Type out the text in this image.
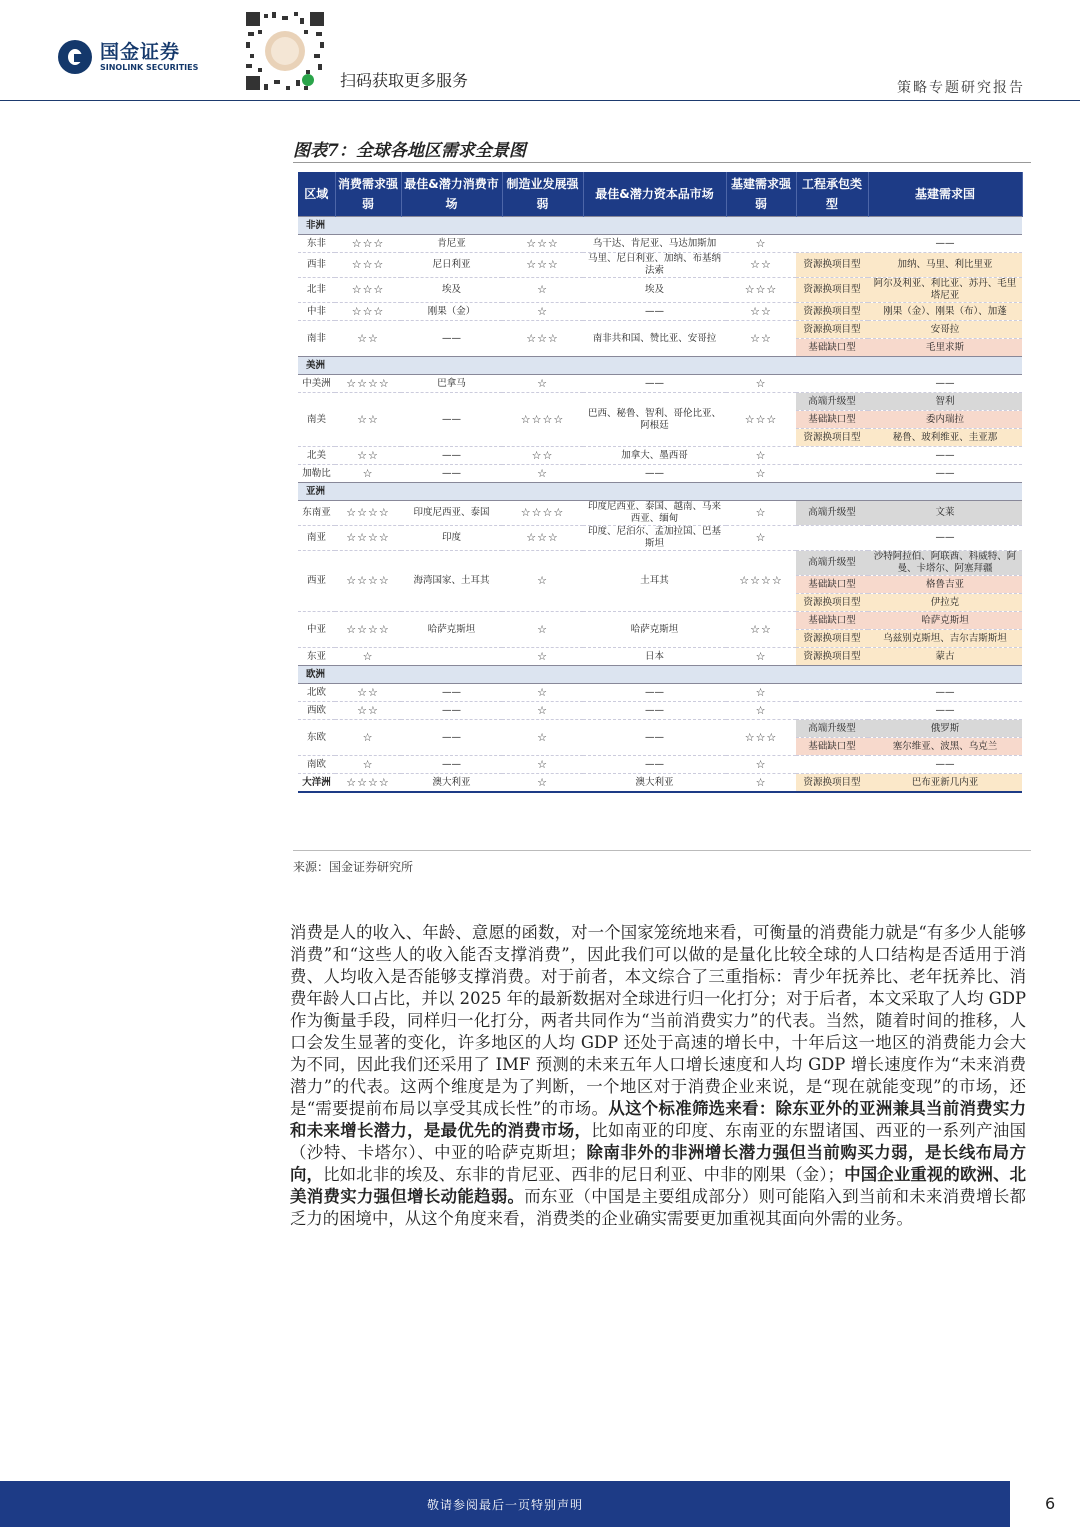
国金证券
SINOLINK SECURITIES
扫码获取更多服务	策略专题研究报告
图表7：全球各地区需求全景图
区域	消费需求强弱	最佳&潜力消费市场	制造业发展强弱	最佳&潜力资本品市场	基建需求强弱	工程承包类型	基建需求国
非洲							
东非	☆☆☆	肯尼亚	☆☆☆	乌干达、肯尼亚、马达加斯加	☆		——
西非	☆☆☆	尼日利亚	☆☆☆	马里、尼日利亚、加纳、布基纳法索	☆☆	资源换项目型	加纳、马里、利比里亚
北非	☆☆☆	埃及	☆	埃及	☆☆☆	资源换项目型	阿尔及利亚、利比亚、苏丹、毛里塔尼亚
中非	☆☆☆	刚果（金）	☆	——	☆☆	资源换项目型	刚果（金）、刚果（布）、加蓬
南非	☆☆	——	☆☆☆	南非共和国、赞比亚、安哥拉	☆☆	资源换项目型	安哥拉
						基础缺口型	毛里求斯
美洲							
中美洲	☆☆☆☆	巴拿马	☆	——	☆		——
南美	☆☆	——	☆☆☆☆	巴西、秘鲁、智利、哥伦比亚、阿根廷	☆☆☆	高端升级型	智利
						基础缺口型	委内瑞拉
						资源换项目型	秘鲁、玻利维亚、圭亚那
北美	☆☆	——	☆☆	加拿大、墨西哥	☆		——
加勒比	☆	——	☆	——	☆		——
亚洲							
东南亚	☆☆☆☆	印度尼西亚、泰国	☆☆☆☆	印度尼西亚、泰国、越南、马来西亚、缅甸	☆	高端升级型	文莱
南亚	☆☆☆☆	印度	☆☆☆	印度、尼泊尔、孟加拉国、巴基斯坦	☆		——
西亚	☆☆☆☆	海湾国家、土耳其	☆	土耳其	☆☆☆☆	高端升级型	沙特阿拉伯、阿联酋、科威特、阿曼、卡塔尔、阿塞拜疆
						基础缺口型	格鲁吉亚
						资源换项目型	伊拉克
中亚	☆☆☆☆	哈萨克斯坦	☆	哈萨克斯坦	☆☆	基础缺口型	哈萨克斯坦
						资源换项目型	乌兹别克斯坦、吉尔吉斯斯坦
东亚	☆		☆	日本	☆	资源换项目型	蒙古
欧洲							
北欧	☆☆	——	☆	——	☆		——
西欧	☆☆	——	☆	——	☆		——
东欧	☆	——	☆	——	☆☆☆	高端升级型	俄罗斯
						基础缺口型	塞尔维亚、波黑、乌克兰
南欧	☆	——	☆	——	☆		——
大洋洲	☆☆☆☆	澳大利亚	☆	澳大利亚	☆	资源换项目型	巴布亚新几内亚
来源：国金证券研究所
消费是人的收入、年龄、意愿的函数，对一个国家笼统地来看，可衡量的消费能力就是“有多少人能够消费”和“这些人的收入能否支撑消费”，因此我们可以做的是量化比较全球的人口结构是否适用于消费、人均收入是否能够支撑消费。对于前者，本文综合了三重指标：青少年抚养比、老年抚养比、消费年龄人口占比，并以 2025 年的最新数据对全球进行归一化打分；对于后者，本文采取了人均 GDP 作为衡量手段，同样归一化打分，两者共同作为“当前消费实力”的代表。当然，随着时间的推移，人口会发生显著的变化，许多地区的人均 GDP 还处于高速的增长中，十年后这一地区的消费能力会大为不同，因此我们还采用了 IMF 预测的未来五年人口增长速度和人均 GDP 增长速度作为“未来消费潜力”的代表。这两个维度是为了判断，一个地区对于消费企业来说，是“现在就能变现”的市场，还是“需要提前布局以享受其成长性”的市场。从这个标准筛选来看：除东亚外的亚洲兼具当前消费实力和未来增长潜力，是最优先的消费市场，比如南亚的印度、东南亚的东盟诸国、西亚的一系列产油国（沙特、卡塔尔）、中亚的哈萨克斯坦；除南非外的非洲增长潜力强但当前购买力弱，是长线布局方向，比如北非的埃及、东非的肯尼亚、西非的尼日利亚、中非的刚果（金）；中国企业重视的欧洲、北美消费实力强但增长动能趋弱。而东亚（中国是主要组成部分）则可能陷入到当前和未来消费增长都乏力的困境中，从这个角度来看，消费类的企业确实需要更加重视其面向外需的业务。
敬请参阅最后一页特别声明	6
